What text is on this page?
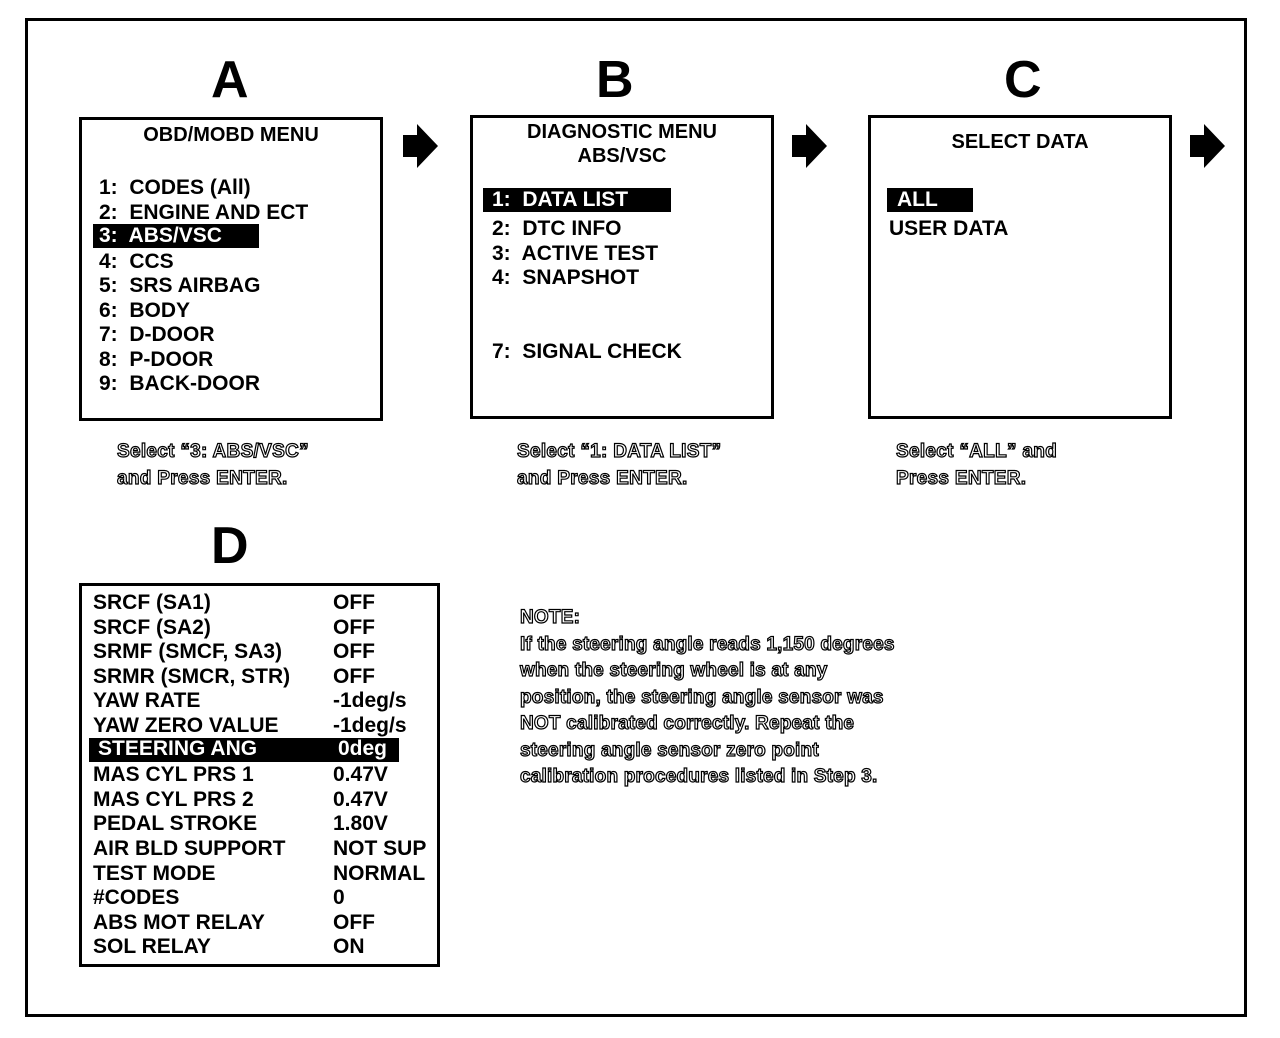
A	B	C
D
OBD/MOBD MENU
1:  CODES (All)
2:  ENGINE AND ECT
3:  ABS/VSC
4:  CCS
5:  SRS AIRBAG
6:  BODY
7:  D-DOOR
8:  P-DOOR
9:  BACK-DOOR
DIAGNOSTIC MENU
ABS/VSC
1:  DATA LIST
2:  DTC INFO
3:  ACTIVE TEST
4:  SNAPSHOT
7:  SIGNAL CHECK
SELECT DATA
ALL
USER DATA
Select “3: ABS/VSC”
and Press ENTER.
Select “1: DATA LIST”
and Press ENTER.
Select “ALL” and
Press ENTER.
SRCF (SA1)	OFF
SRCF (SA2)	OFF
SRMF (SMCF, SA3) OFF
SRMR (SMCR, STR) OFF
YAW RATE	-1deg/s
YAW ZERO VALUE	-1deg/s
STEERING ANG	0deg
MAS CYL PRS 1	0.47V
MAS CYL PRS 2	0.47V
PEDAL STROKE	1.80V
AIR BLD SUPPORT NOT SUP
TEST MODE	NORMAL
#CODES	0
ABS MOT RELAY	OFF
SOL RELAY	ON
NOTE:
If the steering angle reads 1,150 degrees
when the steering wheel is at any
position, the steering angle sensor was
NOT calibrated correctly. Repeat the
steering angle sensor zero point
calibration procedures listed in Step 3.
